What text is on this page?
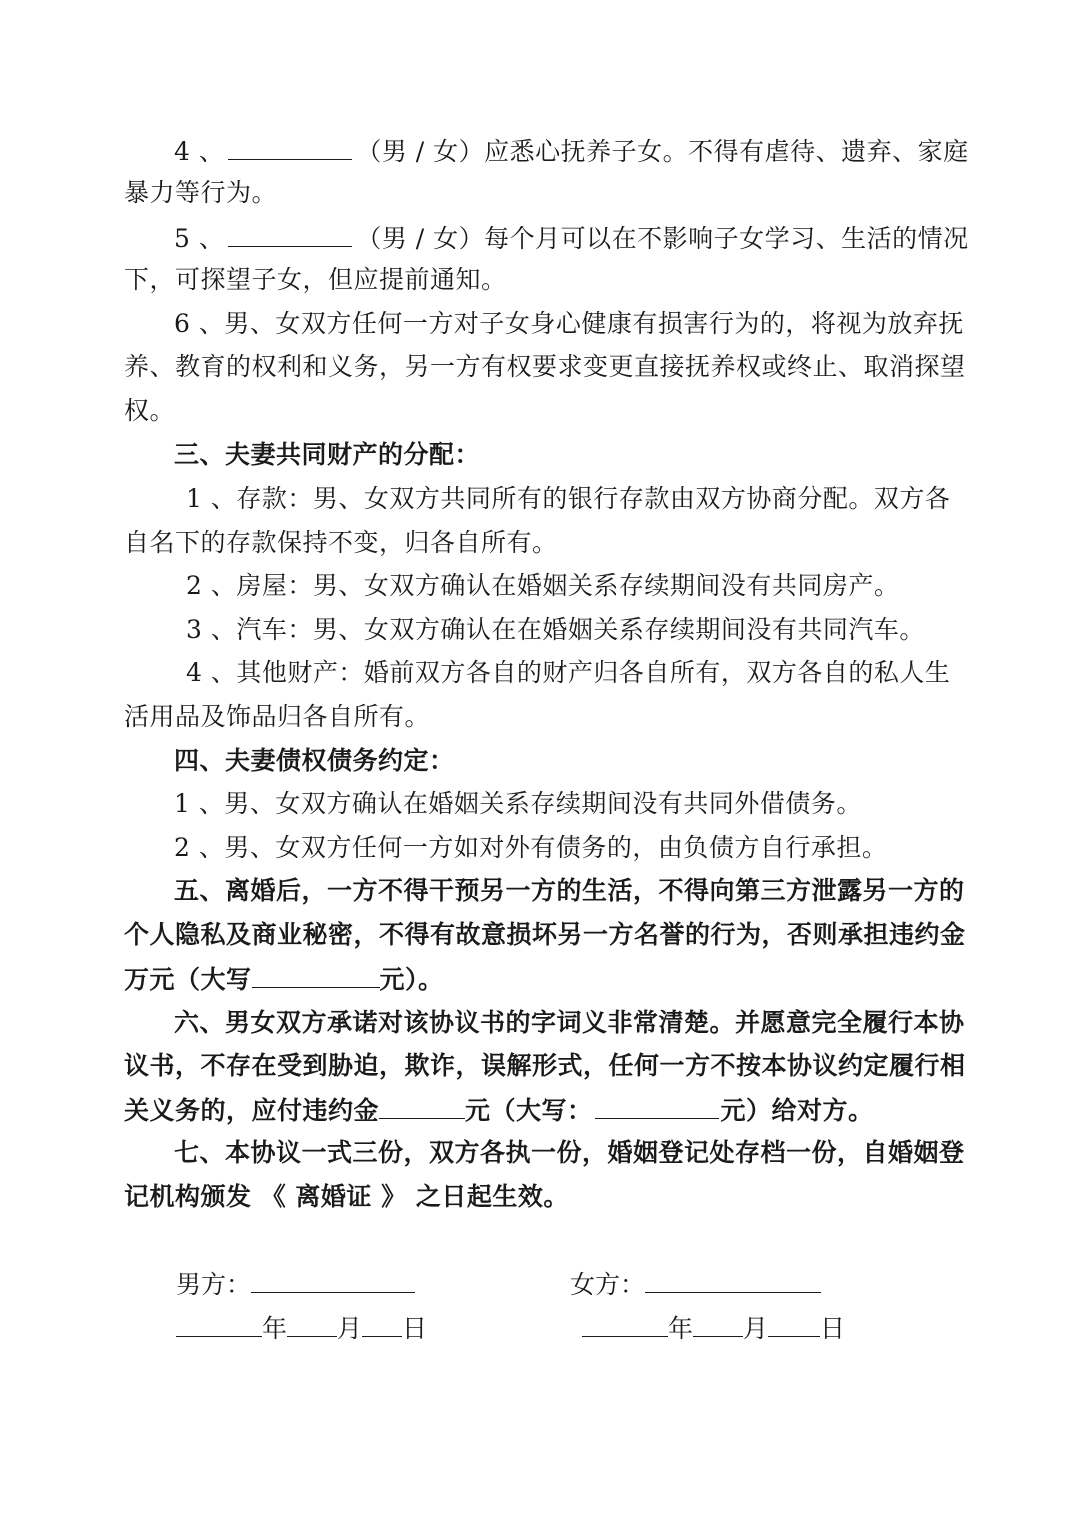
4 、	（男 / 女）应悉心抚养子女。不得有虐待、遗弃、家庭
暴力等行为。
5 、	（男 / 女）每个月可以在不影响子女学习、生活的情况
下，可探望子女，但应提前通知。
6 、男、女双方任何一方对子女身心健康有损害行为的，将视为放弃抚
养、教育的权利和义务，另一方有权要求变更直接抚养权或终止、取消探望
权。
三、夫妻共同财产的分配：
1 、存款：男、女双方共同所有的银行存款由双方协商分配。双方各
自名下的存款保持不变，归各自所有。
2 、房屋：男、女双方确认在婚姻关系存续期间没有共同房产。
3 、汽车：男、女双方确认在在婚姻关系存续期间没有共同汽车。
4 、其他财产：婚前双方各自的财产归各自所有，双方各自的私人生
活用品及饰品归各自所有。
四、夫妻债权债务约定：
1 、男、女双方确认在婚姻关系存续期间没有共同外借债务。
2 、男、女双方任何一方如对外有债务的，由负债方自行承担。
五、离婚后，一方不得干预另一方的生活，不得向第三方泄露另一方的
个人隐私及商业秘密，不得有故意损坏另一方名誉的行为，否则承担违约金
万元（大写	元）。
六、男女双方承诺对该协议书的字词义非常清楚。并愿意完全履行本协
议书，不存在受到胁迫，欺诈，误解形式，任何一方不按本协议约定履行相
关义务的，应付违约金	元（大写：	元）给对方。
七、本协议一式三份，双方各执一份，婚姻登记处存档一份，自婚姻登
记机构颁发 《 离婚证 》 之日起生效。
男方：	女方：
年 月 日	年 月 日
